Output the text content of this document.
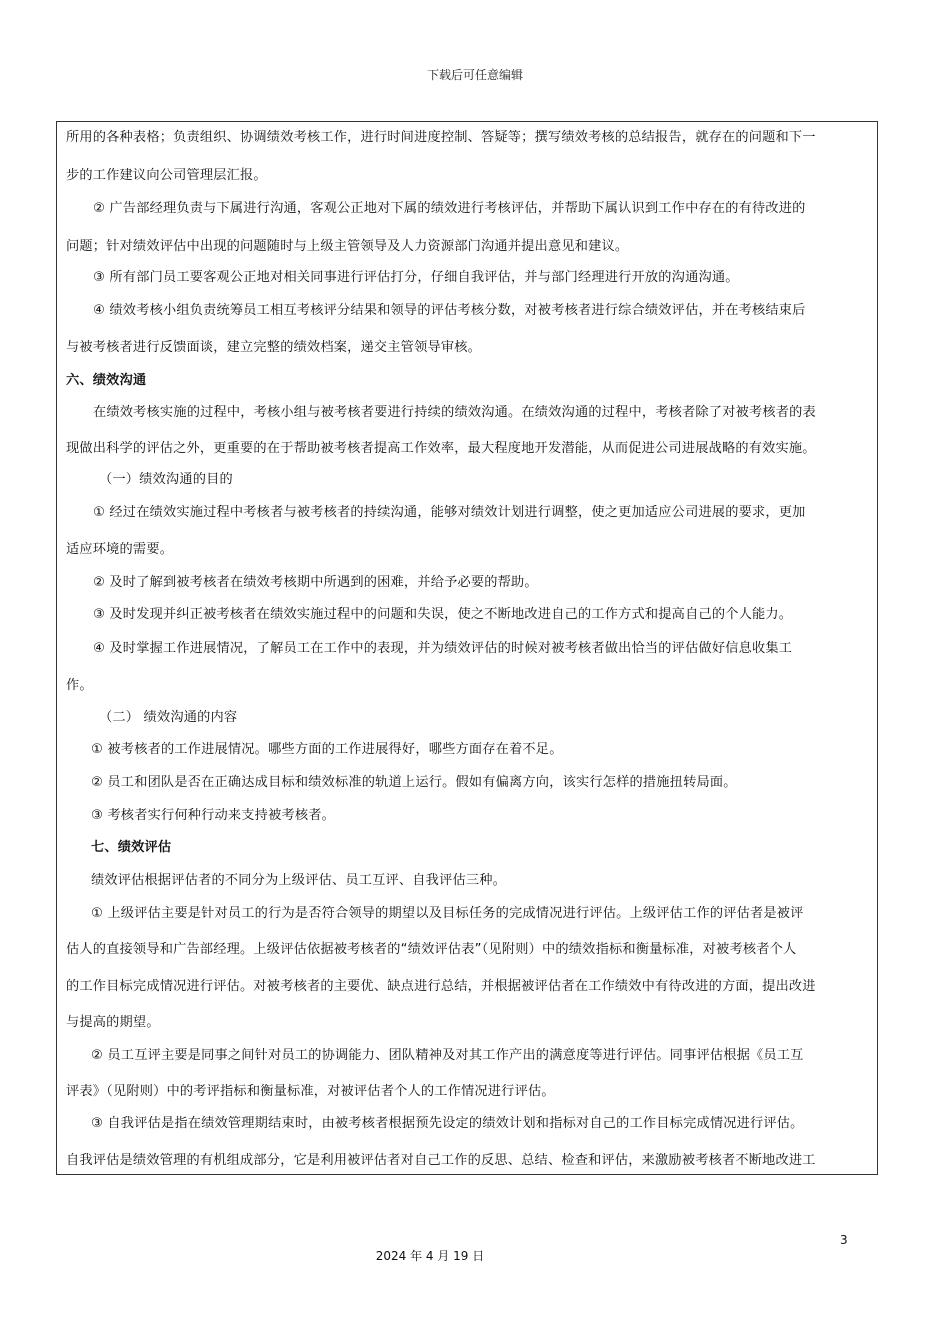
下载后可任意编辑
所用的各种表格；负责组织、协调绩效考核工作，进行时间进度控制、答疑等；撰写绩效考核的总结报告，就存在的问题和下一
步的工作建议向公司管理层汇报。
② 广告部经理负责与下属进行沟通，客观公正地对下属的绩效进行考核评估，并帮助下属认识到工作中存在的有待改进的
问题；针对绩效评估中出现的问题随时与上级主管领导及人力资源部门沟通并提出意见和建议。
③ 所有部门员工要客观公正地对相关同事进行评估打分，仔细自我评估，并与部门经理进行开放的沟通沟通。
④ 绩效考核小组负责统筹员工相互考核评分结果和领导的评估考核分数，对被考核者进行综合绩效评估，并在考核结束后
与被考核者进行反馈面谈，建立完整的绩效档案，递交主管领导审核。
六、绩效沟通
在绩效考核实施的过程中，考核小组与被考核者要进行持续的绩效沟通。在绩效沟通的过程中，考核者除了对被考核者的表
现做出科学的评估之外，更重要的在于帮助被考核者提高工作效率，最大程度地开发潜能，从而促进公司进展战略的有效实施。
（一）绩效沟通的目的
① 经过在绩效实施过程中考核者与被考核者的持续沟通，能够对绩效计划进行调整，使之更加适应公司进展的要求，更加
适应环境的需要。
② 及时了解到被考核者在绩效考核期中所遇到的困难，并给予必要的帮助。
③ 及时发现并纠正被考核者在绩效实施过程中的问题和失误，使之不断地改进自己的工作方式和提高自己的个人能力。
④ 及时掌握工作进展情况，了解员工在工作中的表现，并为绩效评估的时候对被考核者做出恰当的评估做好信息收集工
作。
（二） 绩效沟通的内容
① 被考核者的工作进展情况。哪些方面的工作进展得好，哪些方面存在着不足。
② 员工和团队是否在正确达成目标和绩效标准的轨道上运行。假如有偏离方向，该实行怎样的措施扭转局面。
③ 考核者实行何种行动来支持被考核者。
七、绩效评估
绩效评估根据评估者的不同分为上级评估、员工互评、自我评估三种。
① 上级评估主要是针对员工的行为是否符合领导的期望以及目标任务的完成情况进行评估。上级评估工作的评估者是被评
估人的直接领导和广告部经理。上级评估依据被考核者的“绩效评估表”（见附则）中的绩效指标和衡量标准，对被考核者个人
的工作目标完成情况进行评估。对被考核者的主要优、缺点进行总结，并根据被评估者在工作绩效中有待改进的方面，提出改进
与提高的期望。
② 员工互评主要是同事之间针对员工的协调能力、团队精神及对其工作产出的满意度等进行评估。同事评估根据《员工互
评表》（见附则）中的考评指标和衡量标准，对被评估者个人的工作情况进行评估。
③ 自我评估是指在绩效管理期结束时，由被考核者根据预先设定的绩效计划和指标对自己的工作目标完成情况进行评估。
自我评估是绩效管理的有机组成部分，它是利用被评估者对自己工作的反思、总结、检查和评估，来激励被考核者不断地改进工
3
2024 年 4 月 19 日
